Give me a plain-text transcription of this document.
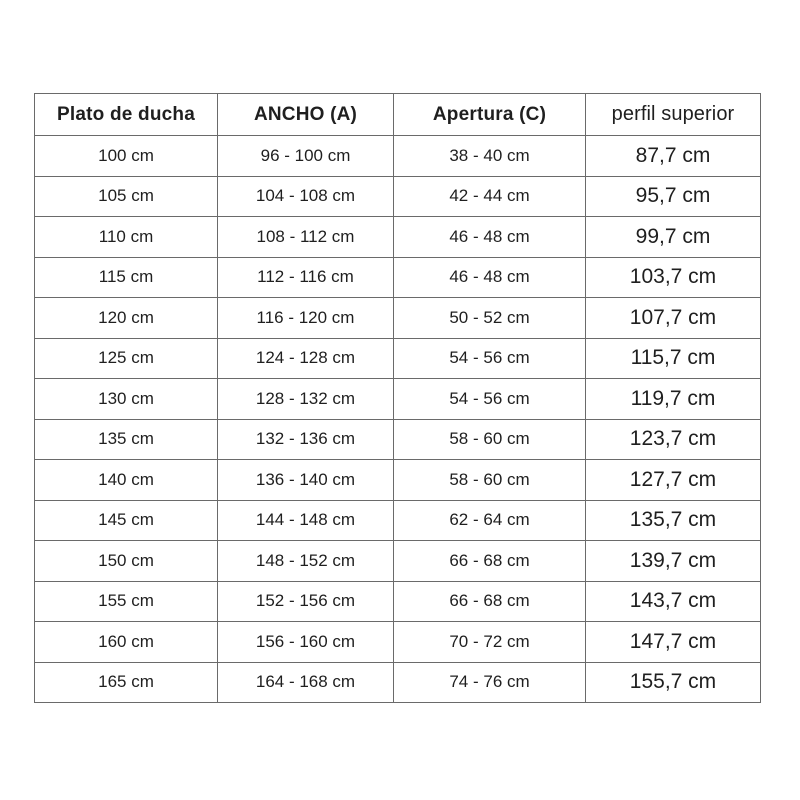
Plato de ducha	ANCHO (A)	Apertura (C)	perfil superior
100 cm	96 - 100 cm	38 - 40 cm	87,7 cm
105 cm	104 - 108 cm	42 - 44 cm	95,7 cm
110 cm	108 - 112 cm	46 - 48 cm	99,7 cm
115 cm	112 - 116 cm	46 - 48 cm	103,7 cm
120 cm	116 - 120 cm	50 - 52 cm	107,7 cm
125 cm	124 - 128 cm	54 - 56 cm	115,7 cm
130 cm	128 - 132 cm	54 - 56 cm	119,7 cm
135 cm	132 - 136 cm	58 - 60 cm	123,7 cm
140 cm	136 - 140 cm	58 - 60 cm	127,7 cm
145 cm	144 - 148 cm	62 - 64 cm	135,7 cm
150 cm	148 - 152 cm	66 - 68 cm	139,7 cm
155 cm	152 - 156 cm	66 - 68 cm	143,7 cm
160 cm	156 - 160 cm	70 - 72 cm	147,7 cm
165 cm	164 - 168 cm	74 - 76 cm	155,7 cm
